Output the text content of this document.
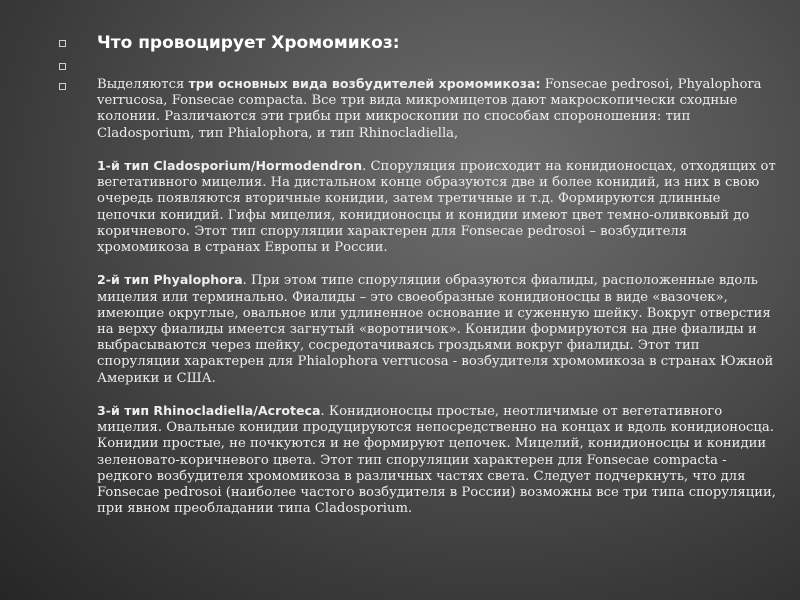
Что провоцирует Хромомикоз:

Выделяются три основных вида возбудителей хромомикоза: Fonsecae pedrosoi, Phyalophora verrucosa, Fonsecae compacta. Все три вида микромицетов дают макроскопически сходные колонии. Различаются эти грибы при микроскопии по способам спороношения: тип Cladosporium, тип Phialophora, и тип Rhinocladiella,

1-й тип Cladosporium/Hormodendron. Споруляция происходит на конидионосцах, отходящих от вегетативного мицелия. На дистальном конце образуются две и более конидий, из них в свою очередь появляются вторичные конидии, затем третичные и т.д. Формируются длинные цепочки конидий. Гифы мицелия, конидионосцы и конидии имеют цвет темно-оливковый до коричневого. Этот тип споруляции характерен для Fonsecae pedrosoi – возбудителя хромомикоза в странах Европы и России.

2-й тип Phyalophora. При этом типе споруляции образуются фиалиды, расположенные вдоль мицелия или терминально. Фиалиды – это своеобразные конидионосцы в виде «вазочек», имеющие округлые, овальное или удлиненное основание и суженную шейку. Вокруг отверстия на верху фиалиды имеется загнутый «воротничок». Конидии формируются на дне фиалиды и выбрасываются через шейку, сосредотачиваясь гроздьями вокруг фиалиды. Этот тип споруляции характерен для Phialophora verrucosa - возбудителя хромомикоза в странах Южной Америки и США.

3-й тип Rhinocladiella/Acroteca. Конидионосцы простые, неотличимые от вегетативного мицелия. Овальные конидии продуцируются непосредственно на концах и вдоль конидионосца. Конидии простые, не почкуются и не формируют цепочек. Мицелий, конидионосцы и конидии зеленовато-коричневого цвета. Этот тип споруляции характерен для Fonsecae compacta - редкого возбудителя хромомикоза в различных частях света. Следует подчеркнуть, что для Fonsecae pedrosoi (наиболее частого возбудителя в России) возможны все три типа споруляции, при явном преобладании типа Cladosporium.
